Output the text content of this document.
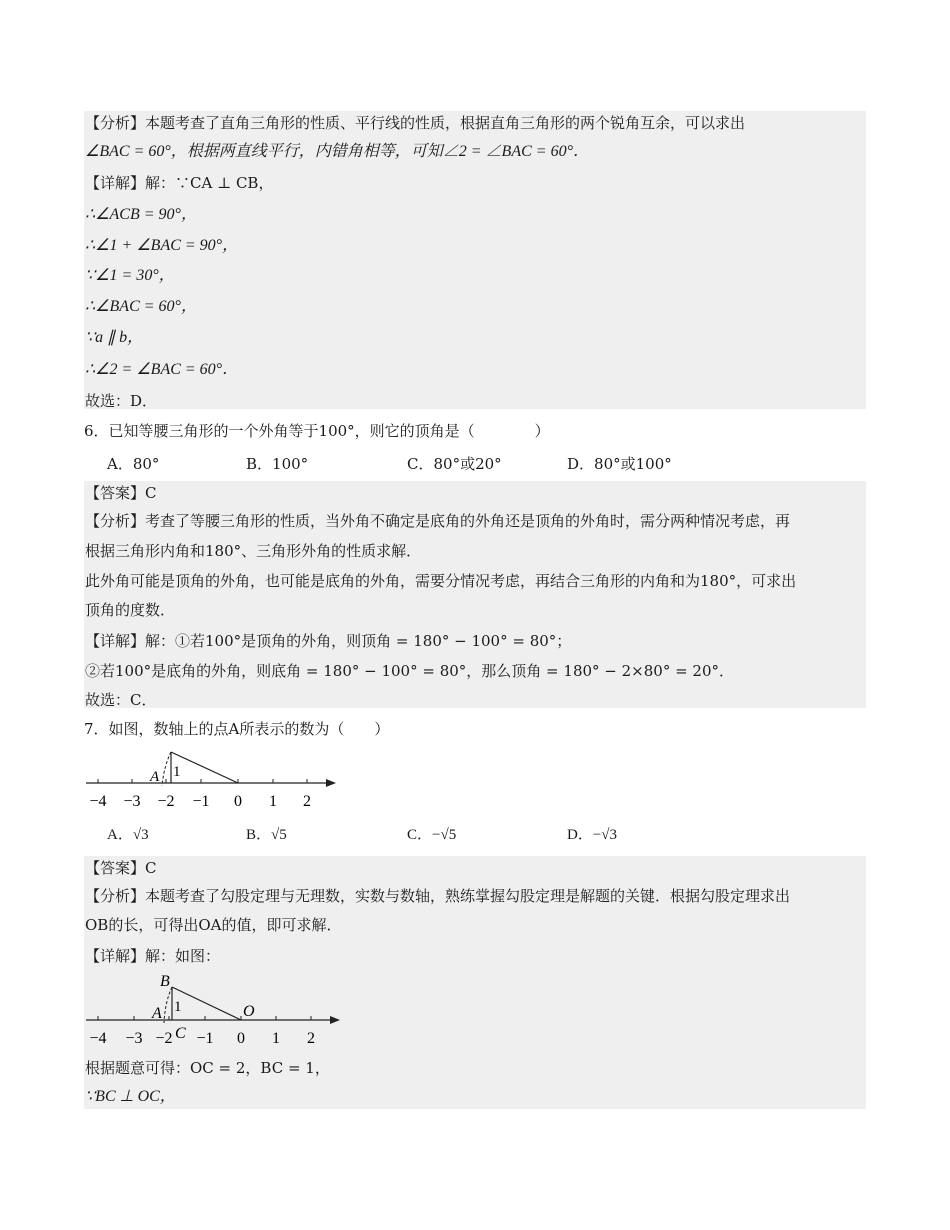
【分析】本题考查了直角三角形的性质、平行线的性质，根据直角三角形的两个锐角互余，可以求出
∠BAC = 60°，根据两直线平行，内错角相等，可知∠2 = ∠BAC = 60°．
【详解】解：∵CA ⊥ CB，
∴∠ACB = 90°，
∴∠1 + ∠BAC = 90°，
∵∠1 = 30°，
∴∠BAC = 60°，
∵a ∥ b，
∴∠2 = ∠BAC = 60°．
故选：D．
6．已知等腰三角形的一个外角等于100°，则它的顶角是（　　　　）
A．80°	B．100°	C．80°或20°	D．80°或100°
【答案】C
【分析】考查了等腰三角形的性质，当外角不确定是底角的外角还是顶角的外角时，需分两种情况考虑，再
根据三角形内角和180°、三角形外角的性质求解．
此外角可能是顶角的外角，也可能是底角的外角，需要分情况考虑，再结合三角形的内角和为180°，可求出
顶角的度数．
【详解】解：①若100°是顶角的外角，则顶角 = 180° − 100° = 80°；
②若100°是底角的外角，则底角 = 180° − 100° = 80°，那么顶角 = 180° − 2×80° = 20°．
故选：C．
7．如图，数轴上的点A所表示的数为（　　）
A 1
−4 −3 −2 −1 0 1 2
A．√3	B．√5	C．−√5	D．−√3
【答案】C
【分析】本题考查了勾股定理与无理数，实数与数轴，熟练掌握勾股定理是解题的关键．根据勾股定理求出
OB的长，可得出OA的值，即可求解．
【详解】解：如图：
B
A 1	O
C
−4 −3 −2 −1 0 1 2
根据题意可得：OC = 2，BC = 1，
∵BC ⊥ OC，
